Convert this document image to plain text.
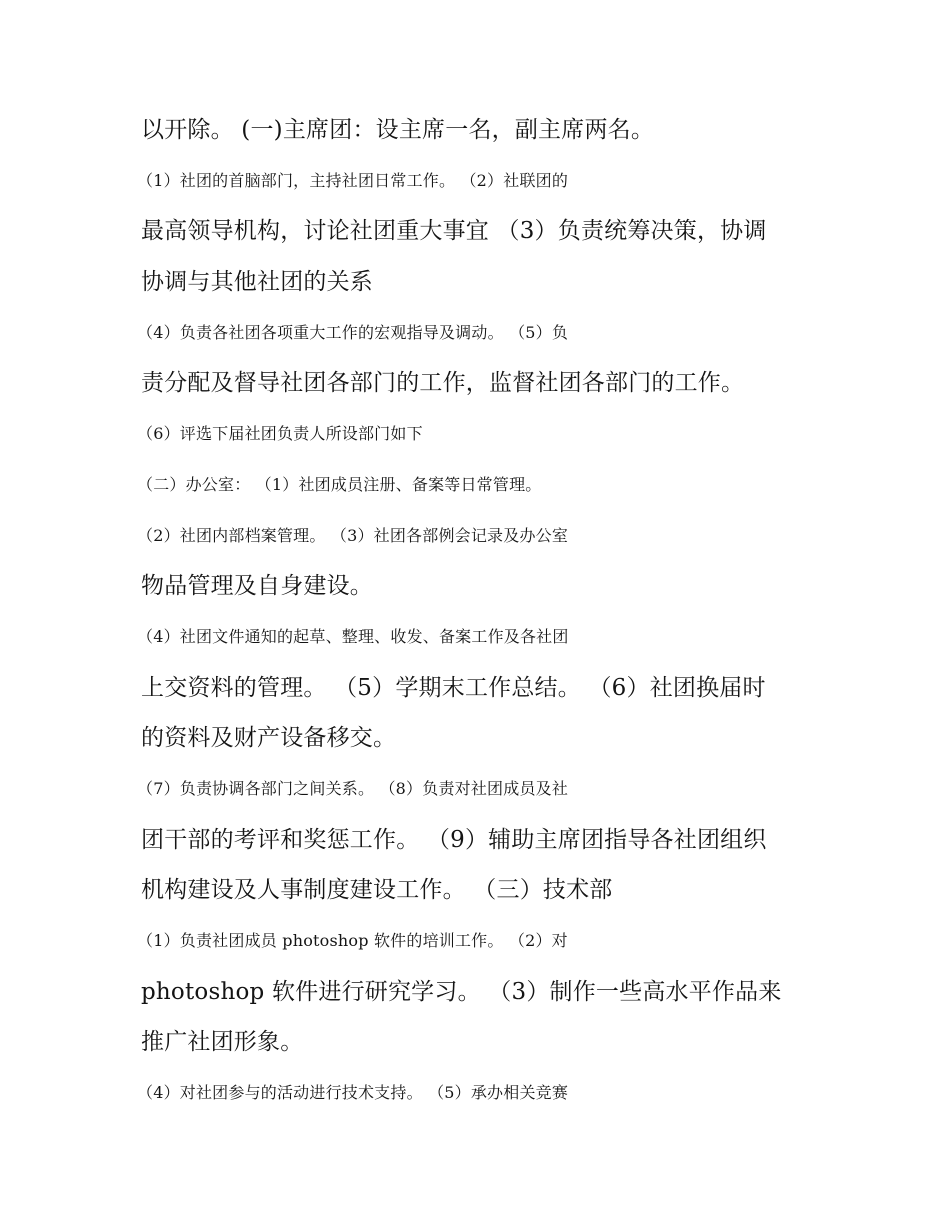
以开除。 (一)主席团：设主席一名，副主席两名。
（1）社团的首脑部门，主持社团日常工作。 （2）社联团的
最高领导机构，讨论社团重大事宜 （3）负责统筹决策，协调
协调与其他社团的关系
（4）负责各社团各项重大工作的宏观指导及调动。 （5）负
责分配及督导社团各部门的工作，监督社团各部门的工作。
（6）评选下届社团负责人所设部门如下
（二）办公室： （1）社团成员注册、备案等日常管理。
（2）社团内部档案管理。 （3）社团各部例会记录及办公室
物品管理及自身建设。
（4）社团文件通知的起草、整理、收发、备案工作及各社团
上交资料的管理。 （5）学期末工作总结。 （6）社团换届时
的资料及财产设备移交。
（7）负责协调各部门之间关系。 （8）负责对社团成员及社
团干部的考评和奖惩工作。 （9）辅助主席团指导各社团组织
机构建设及人事制度建设工作。 （三）技术部
（1）负责社团成员 photoshop 软件的培训工作。 （2）对
photoshop 软件进行研究学习。 （3）制作一些高水平作品来
推广社团形象。
（4）对社团参与的活动进行技术支持。 （5）承办相关竞赛
